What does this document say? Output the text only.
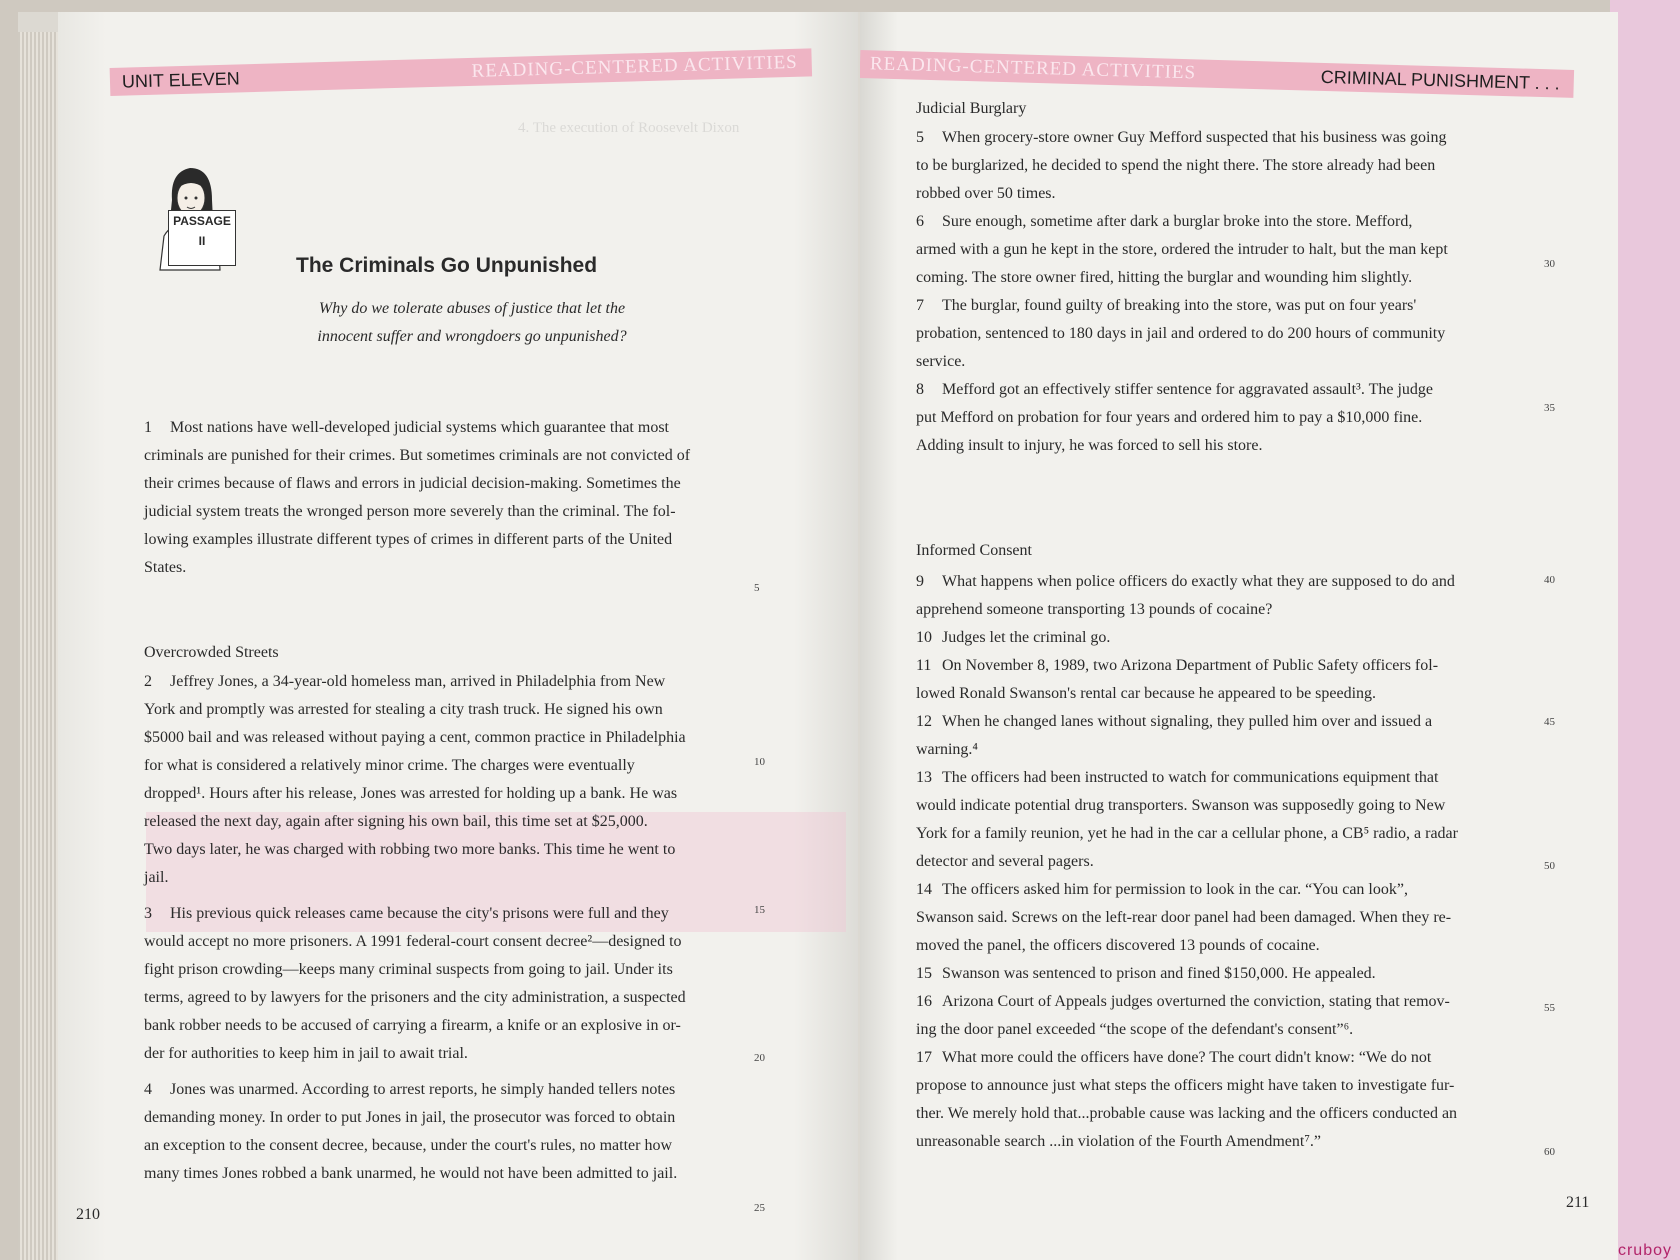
UNIT ELEVEN	READING-CENTERED ACTIVITIES
4. The execution of Roosevelt Dixon
PASSAGE
II
The Criminals Go Unpunished
Why do we tolerate abuses of justice that let the
innocent suffer and wrongdoers go unpunished?
1 Most nations have well-developed judicial systems which guarantee that most
criminals are punished for their crimes. But sometimes criminals are not convicted of
their crimes because of flaws and errors in judicial decision-making. Sometimes the
judicial system treats the wronged person more severely than the criminal. The fol-
lowing examples illustrate different types of crimes in different parts of the United
States.
Overcrowded Streets
2 Jeffrey Jones, a 34-year-old homeless man, arrived in Philadelphia from New
York and promptly was arrested for stealing a city trash truck. He signed his own
$5000 bail and was released without paying a cent, common practice in Philadelphia
for what is considered a relatively minor crime. The charges were eventually
dropped¹. Hours after his release, Jones was arrested for holding up a bank. He was
released the next day, again after signing his own bail, this time set at $25,000.
Two days later, he was charged with robbing two more banks. This time he went to
jail.
3 His previous quick releases came because the city's prisons were full and they
would accept no more prisoners. A 1991 federal-court consent decree²—designed to
fight prison crowding—keeps many criminal suspects from going to jail. Under its
terms, agreed to by lawyers for the prisoners and the city administration, a suspected
bank robber needs to be accused of carrying a firearm, a knife or an explosive in or-
der for authorities to keep him in jail to await trial.
4 Jones was unarmed. According to arrest reports, he simply handed tellers notes
demanding money. In order to put Jones in jail, the prosecutor was forced to obtain
an exception to the consent decree, because, under the court's rules, no matter how
many times Jones robbed a bank unarmed, he would not have been admitted to jail.
5
10
15
20
25
210
READING-CENTERED ACTIVITIES	CRIMINAL PUNISHMENT . . .
Judicial Burglary
5 When grocery-store owner Guy Mefford suspected that his business was going
to be burglarized, he decided to spend the night there. The store already had been
robbed over 50 times.
6 Sure enough, sometime after dark a burglar broke into the store. Mefford,
armed with a gun he kept in the store, ordered the intruder to halt, but the man kept
coming. The store owner fired, hitting the burglar and wounding him slightly.
7 The burglar, found guilty of breaking into the store, was put on four years'
probation, sentenced to 180 days in jail and ordered to do 200 hours of community
service.
8 Mefford got an effectively stiffer sentence for aggravated assault³. The judge
put Mefford on probation for four years and ordered him to pay a $10,000 fine.
Adding insult to injury, he was forced to sell his store.
Informed Consent
9 What happens when police officers do exactly what they are supposed to do and
apprehend someone transporting 13 pounds of cocaine?
10 Judges let the criminal go.
11 On November 8, 1989, two Arizona Department of Public Safety officers fol-
lowed Ronald Swanson's rental car because he appeared to be speeding.
12 When he changed lanes without signaling, they pulled him over and issued a
warning.⁴
13 The officers had been instructed to watch for communications equipment that
would indicate potential drug transporters. Swanson was supposedly going to New
York for a family reunion, yet he had in the car a cellular phone, a CB⁵ radio, a radar
detector and several pagers.
14 The officers asked him for permission to look in the car. “You can look”,
Swanson said. Screws on the left-rear door panel had been damaged. When they re-
moved the panel, the officers discovered 13 pounds of cocaine.
15 Swanson was sentenced to prison and fined $150,000. He appealed.
16 Arizona Court of Appeals judges overturned the conviction, stating that remov-
ing the door panel exceeded “the scope of the defendant's consent”⁶.
17 What more could the officers have done? The court didn't know: “We do not
propose to announce just what steps the officers might have taken to investigate fur-
ther. We merely hold that...probable cause was lacking and the officers conducted an
unreasonable search ...in violation of the Fourth Amendment⁷.”
30
35
40
45
50
55
60
211
cruboy
